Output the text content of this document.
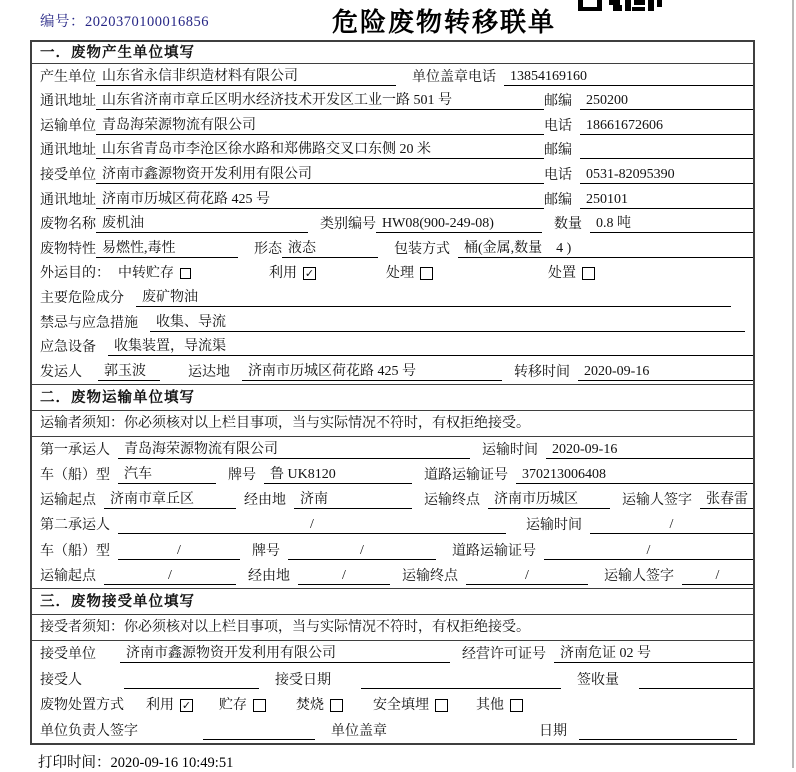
编号：2020370100016856	危险废物转移联单
一．废物产生单位填写
产生单位 山东省永信非织造材料有限公司	单位盖章 电话	13854169160
通讯地址 山东省济南市章丘区明水经济技术开发区工业一路 501 号	邮编	250200
运输单位 青岛海荣源物流有限公司	电话	18661672606
通讯地址 山东省青岛市李沧区徐水路和郑佛路交叉口东侧 20 米	邮编
接受单位 济南市鑫源物资开发利用有限公司	电话	0531-82095390
通讯地址 济南市历城区荷花路 425 号	邮编	250101
废物名称 废机油	类别编号 HW08(900-249-08)	数量	0.8 吨
废物特性 易燃性,毒性	形态 液态	包装方式	桶(金属,数量　4 )
外运目的： 中转贮存	利用 ✓	处理	处置
主要危险成分	废矿物油
禁忌与应急措施	收集、导流
应急设备	收集装置，导流渠
发运人	郭玉波	运达地	济南市历城区荷花路 425 号	转移时间	2020-09-16
二．废物运输单位填写
运输者须知：你必须核对以上栏目事项，当与实际情况不符时，有权拒绝接受。
第一承运人	青岛海荣源物流有限公司	运输时间	2020-09-16
车（船）型	汽车	牌号	鲁 UK8120	道路运输证号	370213006408
运输起点	济南市章丘区	经由地	济南	运输终点	济南市历城区	运输人签字	张春雷
第二承运人	/	运输时间	/
车（船）型	/	牌号	/	道路运输证号	/
运输起点	/	经由地	/	运输终点	/	运输人签字	/
三．废物接受单位填写
接受者须知：你必须核对以上栏目事项，当与实际情况不符时，有权拒绝接受。
接受单位	济南市鑫源物资开发利用有限公司	经营许可证号	济南危证 02 号
接受人	接受日期	签收量
废物处置方式 利用 ✓ 贮存	焚烧	安全填埋	其他
单位负责人签字	单位盖章	日期
打印时间：2020-09-16 10:49:51
